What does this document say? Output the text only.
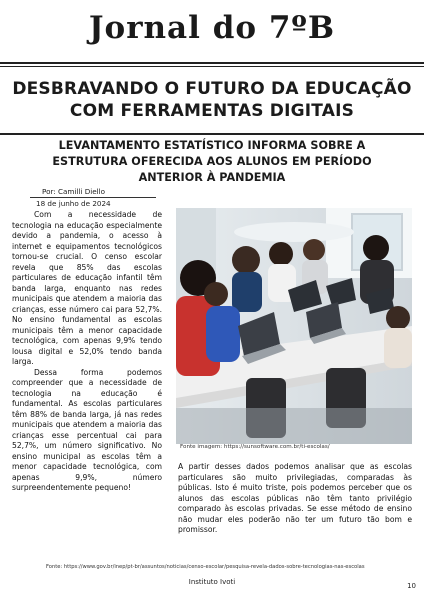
Jornal do 7ºB
DESBRAVANDO O FUTURO DA EDUCAÇÃO
COM FERRAMENTAS DIGITAIS
LEVANTAMENTO ESTATÍSTICO INFORMA SOBRE A
ESTRUTURA OFERECIDA AOS ALUNOS EM PERÍODO
ANTERIOR À PANDEMIA
Por: Camilli Diello
18 de junho de 2024

Com a necessidade de tecnologia na educação especialmente devido a pandemia, o acesso à internet e equipamentos tecnológicos tornou-se crucial. O censo escolar revela que 85% das escolas particulares de educação infantil têm banda larga, enquanto nas redes municipais que atendem a maioria das crianças, esse número cai para 52,7%. No ensino fundamental as escolas municipais têm a menor capacidade tecnológica, com apenas 9,9% tendo lousa digital e 52,0% tendo banda larga.

Dessa forma podemos compreender que a necessidade de tecnologia na educação é fundamental. As escolas particulares têm 88% de banda larga, já nas redes municipais que atendem a maioria das crianças esse percentual cai para 52,7%, um número significativo. No ensino municipal as escolas têm a menor capacidade tecnológica, com apenas 9,9%, número surpreendentemente pequeno!

Fonte imagem: https://sunsoftware.com.br/ti-escolas/

A partir desses dados podemos analisar que as escolas particulares são muito privilegiadas, comparadas às públicas. Isto é muito triste, pois podemos perceber que os alunos das escolas públicas não têm tanto privilégio comparado às escolas privadas. Se esse método de ensino não mudar eles poderão não ter um futuro tão bom e promissor.

Fonte: https://www.gov.br/inep/pt-br/assuntos/noticias/censo-escolar/pesquisa-revela-dados-sobre-tecnologias-nas-escolas
Instituto Ivoti	10
